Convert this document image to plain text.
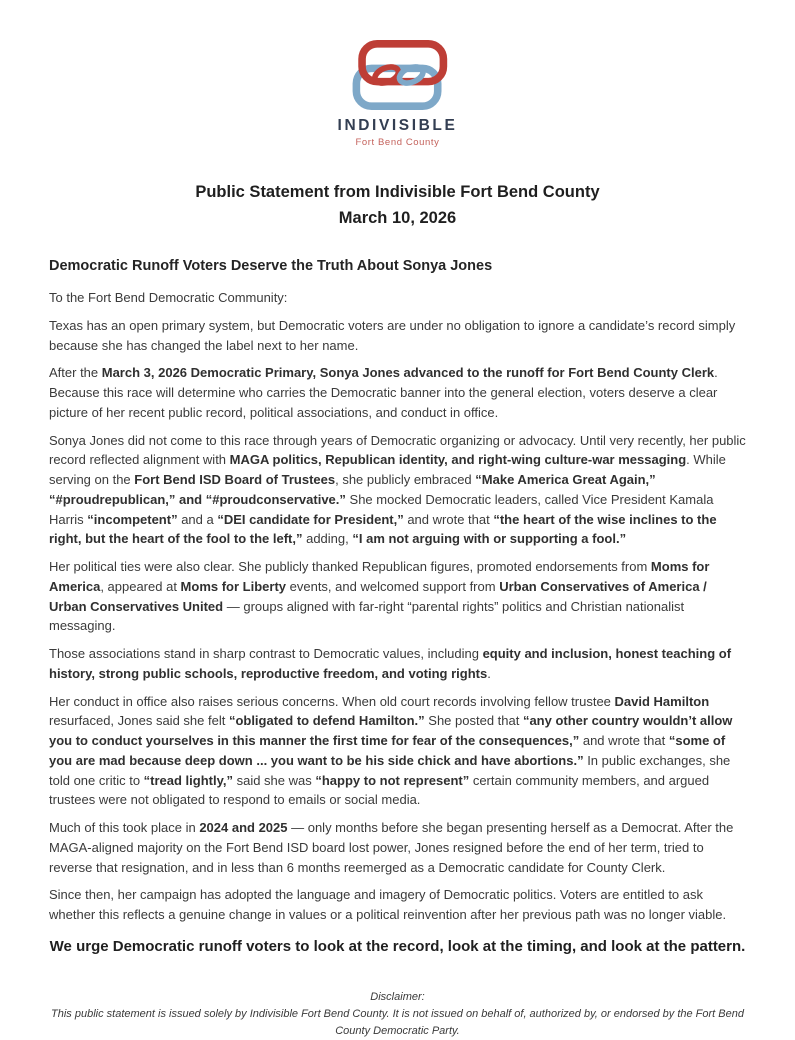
INDIVISIBLE
Fort Bend County
Public Statement from Indivisible Fort Bend County
March 10, 2026
Democratic Runoff Voters Deserve the Truth About Sonya Jones

To the Fort Bend Democratic Community:

Texas has an open primary system, but Democratic voters are under no obligation to ignore a candidate’s record simply because she has changed the label next to her name.

After the March 3, 2026 Democratic Primary, Sonya Jones advanced to the runoff for Fort Bend County Clerk. Because this race will determine who carries the Democratic banner into the general election, voters deserve a clear picture of her recent public record, political associations, and conduct in office.

Sonya Jones did not come to this race through years of Democratic organizing or advocacy. Until very recently, her public record reflected alignment with MAGA politics, Republican identity, and right-wing culture-war messaging. While serving on the Fort Bend ISD Board of Trustees, she publicly embraced “Make America Great Again,” “#proudrepublican,” and “#proudconservative.” She mocked Democratic leaders, called Vice President Kamala Harris “incompetent” and a “DEI candidate for President,” and wrote that “the heart of the wise inclines to the right, but the heart of the fool to the left,” adding, “I am not arguing with or supporting a fool.”

Her political ties were also clear. She publicly thanked Republican figures, promoted endorsements from Moms for America, appeared at Moms for Liberty events, and welcomed support from Urban Conservatives of America / Urban Conservatives United — groups aligned with far-right “parental rights” politics and Christian nationalist messaging.

Those associations stand in sharp contrast to Democratic values, including equity and inclusion, honest teaching of history, strong public schools, reproductive freedom, and voting rights.

Her conduct in office also raises serious concerns. When old court records involving fellow trustee David Hamilton resurfaced, Jones said she felt “obligated to defend Hamilton.” She posted that “any other country wouldn’t allow you to conduct yourselves in this manner the first time for fear of the consequences,” and wrote that “some of you are mad because deep down ... you want to be his side chick and have abortions.” In public exchanges, she told one critic to “tread lightly,” said she was “happy to not represent” certain community members, and argued trustees were not obligated to respond to emails or social media.

Much of this took place in 2024 and 2025 — only months before she began presenting herself as a Democrat. After the MAGA-aligned majority on the Fort Bend ISD board lost power, Jones resigned before the end of her term, tried to reverse that resignation, and in less than 6 months reemerged as a Democratic candidate for County Clerk.

Since then, her campaign has adopted the language and imagery of Democratic politics. Voters are entitled to ask whether this reflects a genuine change in values or a political reinvention after her previous path was no longer viable.

We urge Democratic runoff voters to look at the record, look at the timing, and look at the pattern.
Disclaimer:
This public statement is issued solely by Indivisible Fort Bend County. It is not issued on behalf of, authorized by, or endorsed by the Fort Bend County Democratic Party.
